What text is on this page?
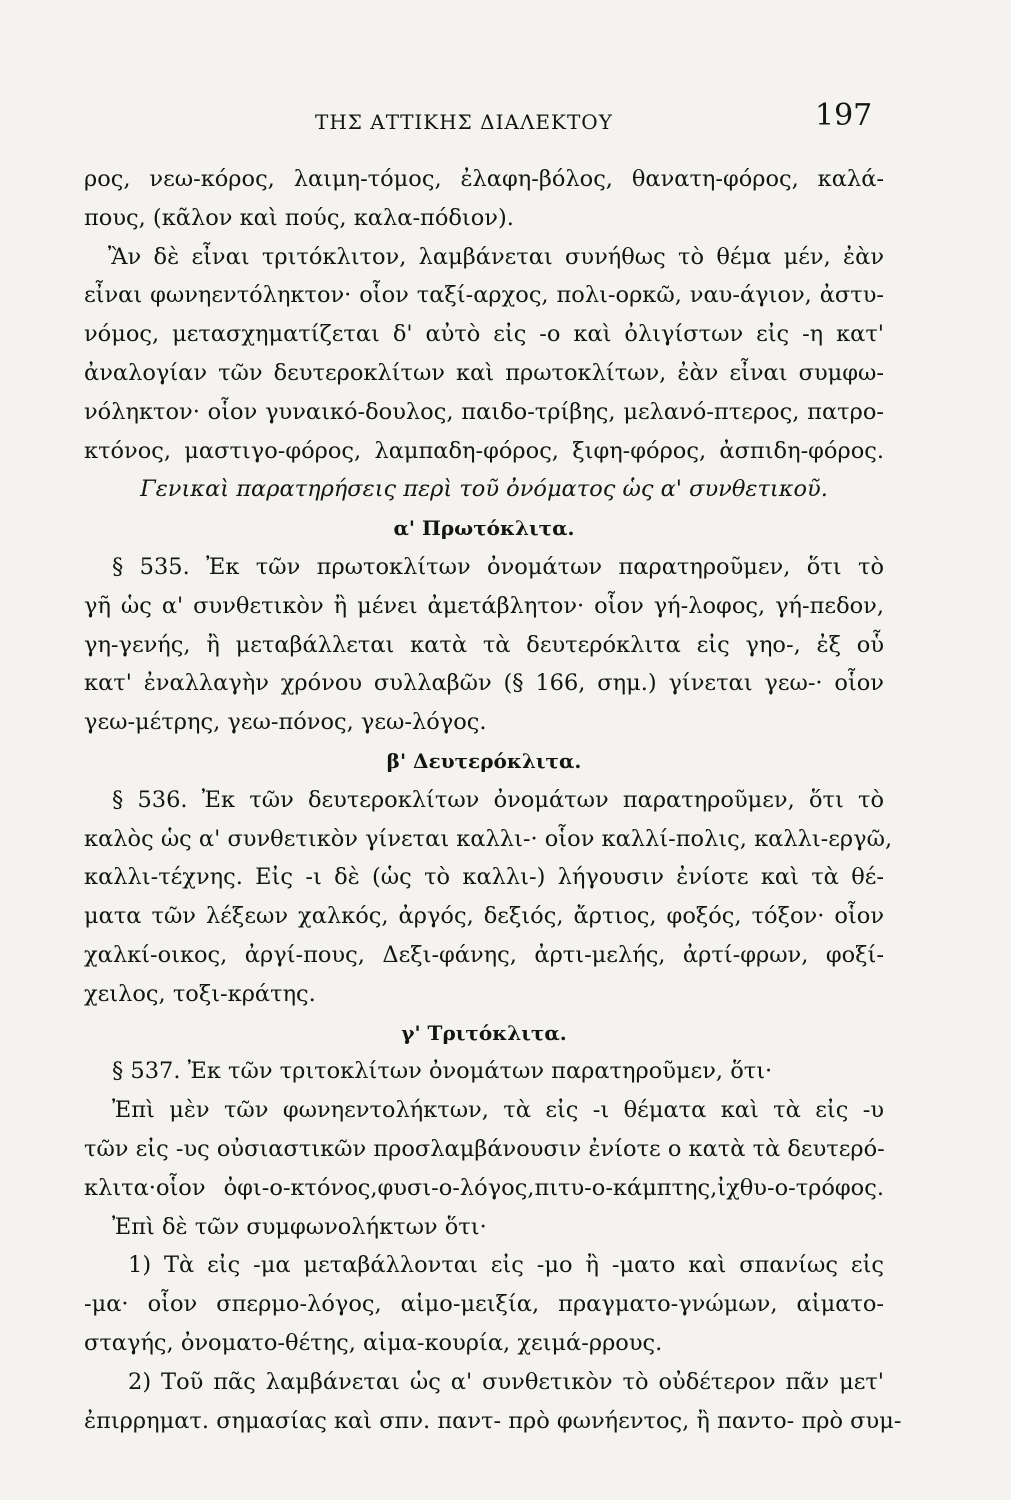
ΤΗΣ ΑΤΤΙΚΗΣ ΔΙΑΛΕΚΤΟΥ	197
ρος, νεω-κόρος, λαιμη-τόμος, ἐλαφη-βόλος, θανατη-φόρος, καλά-
πους, (κᾶλον καὶ πούς, καλα-πόδιον).
Ἂν δὲ εἶναι τριτόκλιτον, λαμβάνεται συνήθως τὸ θέμα μέν, ἐὰν
εἶναι φωνηεντόληκτον· οἷον ταξί-αρχος, πολι-ορκῶ, ναυ-άγιον, ἀστυ-
νόμος, μετασχηματίζεται δ' αὐτὸ εἰς -ο καὶ ὀλιγίστων εἰς -η κατ'
ἀναλογίαν τῶν δευτεροκλίτων καὶ πρωτοκλίτων, ἐὰν εἶναι συμφω-
νόληκτον· οἷον γυναικό-δουλος, παιδο-τρίβης, μελανό-πτερος, πατρο-
κτόνος, μαστιγο-φόρος, λαμπαδη-φόρος, ξιφη-φόρος, ἀσπιδη-φόρος.
Γενικαὶ παρατηρήσεις περὶ τοῦ ὀνόματος ὡς α' συνθετικοῦ.
α' Πρωτόκλιτα.
§ 535. Ἐκ τῶν πρωτοκλίτων ὀνομάτων παρατηροῦμεν, ὅτι τὸ
γῆ ὡς α' συνθετικὸν ἢ μένει ἀμετάβλητον· οἷον γή-λοφος, γή-πεδον,
γη-γενής, ἢ μεταβάλλεται κατὰ τὰ δευτερόκλιτα εἰς γηο-, ἐξ οὗ
κατ' ἐναλλαγὴν χρόνου συλλαβῶν (§ 166, σημ.) γίνεται γεω-· οἷον
γεω-μέτρης, γεω-πόνος, γεω-λόγος.
β' Δευτερόκλιτα.
§ 536. Ἐκ τῶν δευτεροκλίτων ὀνομάτων παρατηροῦμεν, ὅτι τὸ
καλὸς ὡς α' συνθετικὸν γίνεται καλλι-· οἷον καλλί-πολις, καλλι-εργῶ,
καλλι-τέχνης. Εἰς -ι δὲ (ὡς τὸ καλλι-) λήγουσιν ἐνίοτε καὶ τὰ θέ-
ματα τῶν λέξεων χαλκός, ἀργός, δεξιός, ἄρτιος, φοξός, τόξον· οἷον
χαλκί-οικος, ἀργί-πους, Δεξι-φάνης, ἀρτι-μελής, ἀρτί-φρων, φοξί-
χειλος, τοξι-κράτης.
γ' Τριτόκλιτα.
§ 537. Ἐκ τῶν τριτοκλίτων ὀνομάτων παρατηροῦμεν, ὅτι·
Ἐπὶ μὲν τῶν φωνηεντολήκτων, τὰ εἰς -ι θέματα καὶ τὰ εἰς -υ
τῶν εἰς -υς οὐσιαστικῶν προσλαμβάνουσιν ἐνίοτε ο κατὰ τὰ δευτερό-
κλιτα·οἷον ὀφι-ο-κτόνος,φυσι-ο-λόγος,πιτυ-ο-κάμπτης,ἰχθυ-ο-τρόφος.
Ἐπὶ δὲ τῶν συμφωνολήκτων ὅτι·
1) Τὰ εἰς -μα μεταβάλλονται εἰς -μο ἢ -ματο καὶ σπανίως εἰς
-μα· οἷον σπερμο-λόγος, αἱμο-μειξία, πραγματο-γνώμων, αἱματο-
σταγής, ὀνοματο-θέτης, αἱμα-κουρία, χειμά-ρρους.
2) Τοῦ πᾶς λαμβάνεται ὡς α' συνθετικὸν τὸ οὐδέτερον πᾶν μετ'
ἐπιρρηματ. σημασίας καὶ σπν. παντ- πρὸ φωνήεντος, ἢ παντο- πρὸ συμ-
